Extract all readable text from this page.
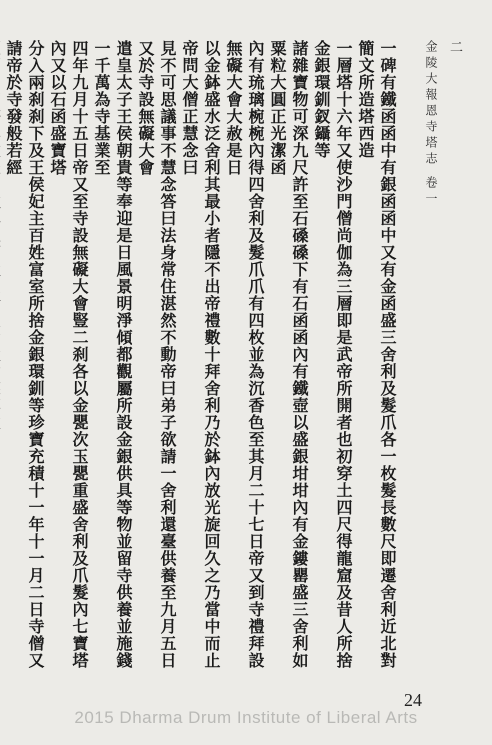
金陵大報恩寺塔志 卷一
二
一碑有鐵函函中有銀函函中又有金函盛三舍利及髮爪各一枚髮長數尺即遷舍利近北對簡文所造塔西造
一層塔十六年又使沙門僧尚伽為三層即是武帝所開者也初穿土四尺得龍窟及昔人所捨金銀環釧釵鑷等
諸雜寶物可深九尺許至石磉磉下有石函函內有鐵壺以盛銀坩坩內有金鏤罌盛三舍利如粟粒大圓正光潔函
內有琉璃椀椀內得四舍利及髮爪爪有四枚並為沉香色至其月二十七日帝又到寺禮拜設無礙大會大赦是日
以金鉢盛水泛舍利其最小者隱不出帝禮數十拜舍利乃於鉢內放光旋回久之乃當中而止帝問大僧正慧念曰
見不可思議事不慧念答曰法身常住湛然不動帝曰弟子欲請一舍利還臺供養至九月五日又於寺設無礙大會
遣皇太子王侯朝貴等奉迎是日風景明淨傾都觀屬所設金銀供具等物並留寺供養並施錢一千萬為寺基業至
四年九月十五日帝又至寺設無礙大會豎二刹各以金甖次玉甖重盛舍利及爪髮內七寶塔內又以石函盛寶塔
分入兩刹刹下及王侯妃主百姓富室所捨金銀環釧等珍寶充積十一年十一月二日寺僧又請帝於寺發般若經
24
2015 Dharma Drum Institute of Liberal Arts
